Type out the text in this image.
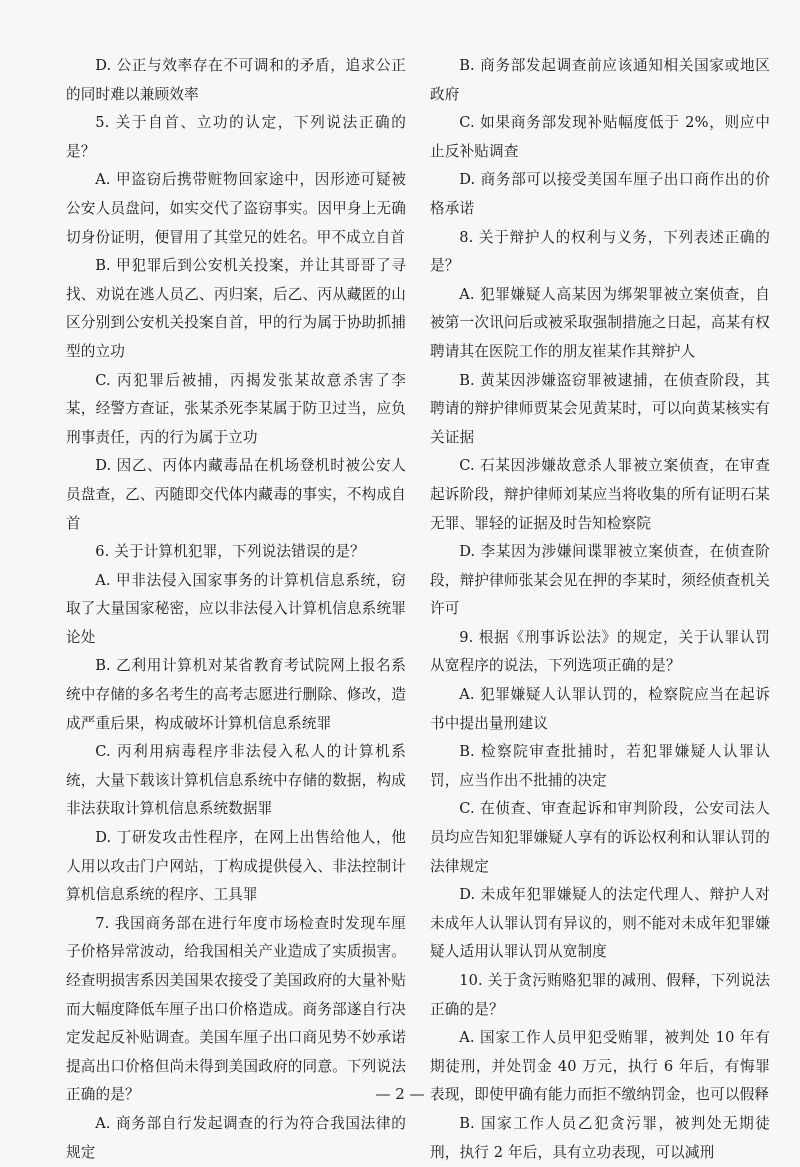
D. 公正与效率存在不可调和的矛盾，追求公正的同时难以兼顾效率

5. 关于自首、立功的认定，下列说法正确的是？

A. 甲盗窃后携带赃物回家途中，因形迹可疑被公安人员盘问，如实交代了盗窃事实。因甲身上无确切身份证明，便冒用了其堂兄的姓名。甲不成立自首

B. 甲犯罪后到公安机关投案，并让其哥哥了寻找、劝说在逃人员乙、丙归案，后乙、丙从藏匿的山区分别到公安机关投案自首，甲的行为属于协助抓捕型的立功

C. 丙犯罪后被捕，丙揭发张某故意杀害了李某，经警方查证，张某杀死李某属于防卫过当，应负刑事责任，丙的行为属于立功

D. 因乙、丙体内藏毒品在机场登机时被公安人员盘查，乙、丙随即交代体内藏毒的事实，不构成自首

6. 关于计算机犯罪，下列说法错误的是？

A. 甲非法侵入国家事务的计算机信息系统，窃取了大量国家秘密，应以非法侵入计算机信息系统罪论处

B. 乙利用计算机对某省教育考试院网上报名系统中存储的多名考生的高考志愿进行删除、修改，造成严重后果，构成破坏计算机信息系统罪

C. 丙利用病毒程序非法侵入私人的计算机系统，大量下载该计算机信息系统中存储的数据，构成非法获取计算机信息系统数据罪

D. 丁研发攻击性程序，在网上出售给他人，他人用以攻击门户网站，丁构成提供侵入、非法控制计算机信息系统的程序、工具罪

7. 我国商务部在进行年度市场检查时发现车厘子价格异常波动，给我国相关产业造成了实质损害。经查明损害系因美国果农接受了美国政府的大量补贴而大幅度降低车厘子出口价格造成。商务部遂自行决定发起反补贴调查。美国车厘子出口商见势不妙承诺提高出口价格但尚未得到美国政府的同意。下列说法正确的是？

A. 商务部自行发起调查的行为符合我国法律的规定

B. 商务部发起调查前应该通知相关国家或地区政府

C. 如果商务部发现补贴幅度低于 2%，则应中止反补贴调查

D. 商务部可以接受美国车厘子出口商作出的价格承诺

8. 关于辩护人的权利与义务，下列表述正确的是？

A. 犯罪嫌疑人高某因为绑架罪被立案侦查，自被第一次讯问后或被采取强制措施之日起，高某有权聘请其在医院工作的朋友崔某作其辩护人

B. 黄某因涉嫌盗窃罪被逮捕，在侦查阶段，其聘请的辩护律师贾某会见黄某时，可以向黄某核实有关证据

C. 石某因涉嫌故意杀人罪被立案侦查，在审查起诉阶段，辩护律师刘某应当将收集的所有证明石某无罪、罪轻的证据及时告知检察院

D. 李某因为涉嫌间谍罪被立案侦查，在侦查阶段，辩护律师张某会见在押的李某时，须经侦查机关许可

9. 根据《刑事诉讼法》的规定，关于认罪认罚从宽程序的说法，下列选项正确的是？

A. 犯罪嫌疑人认罪认罚的，检察院应当在起诉书中提出量刑建议

B. 检察院审查批捕时，若犯罪嫌疑人认罪认罚，应当作出不批捕的决定

C. 在侦查、审查起诉和审判阶段，公安司法人员均应告知犯罪嫌疑人享有的诉讼权利和认罪认罚的法律规定

D. 未成年犯罪嫌疑人的法定代理人、辩护人对未成年人认罪认罚有异议的，则不能对未成年犯罪嫌疑人适用认罪认罚从宽制度

10. 关于贪污贿赂犯罪的减刑、假释，下列说法正确的是？

A. 国家工作人员甲犯受贿罪，被判处 10 年有期徒刑，并处罚金 40 万元，执行 6 年后，有悔罪表现，即使甲确有能力而拒不缴纳罚金，也可以假释

B. 国家工作人员乙犯贪污罪，被判处无期徒刑，执行 2 年后，具有立功表现，可以减刑

— 2 —
